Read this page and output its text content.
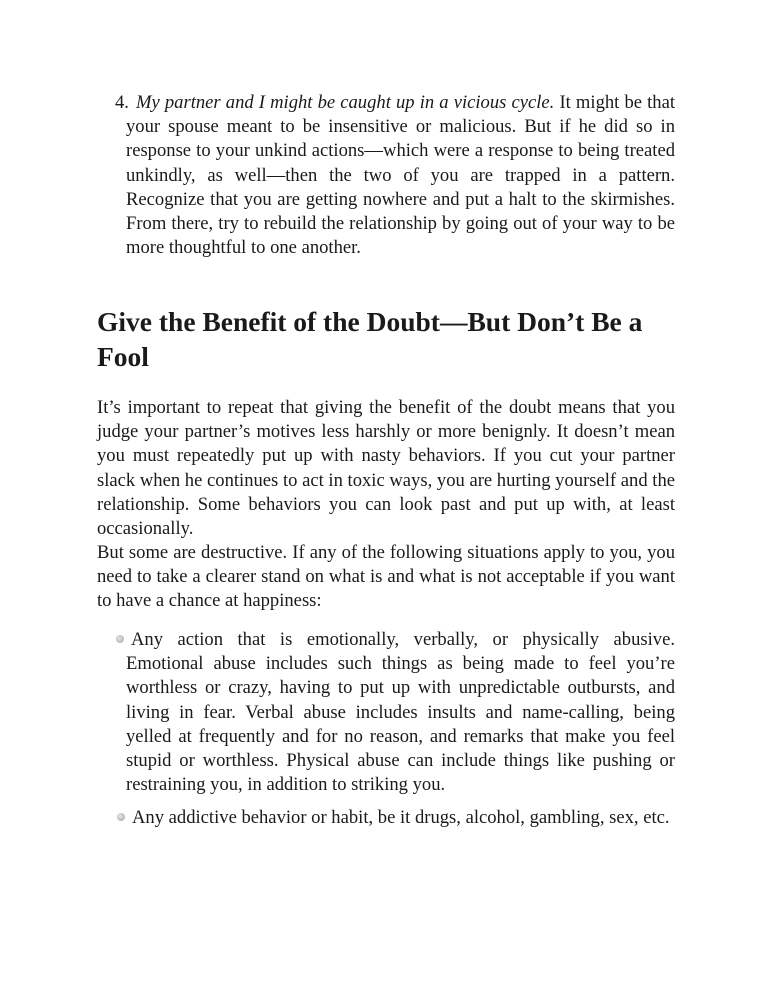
4. My partner and I might be caught up in a vicious cycle. It might be that your spouse meant to be insensitive or malicious. But if he did so in response to your unkind actions—which were a response to being treated unkindly, as well—then the two of you are trapped in a pattern. Recognize that you are getting nowhere and put a halt to the skirmishes. From there, try to rebuild the relationship by going out of your way to be more thoughtful to one another.
Give the Benefit of the Doubt—But Don’t Be a Fool

It’s important to repeat that giving the benefit of the doubt means that you judge your partner’s motives less harshly or more benignly. It doesn’t mean you must repeatedly put up with nasty behaviors. If you cut your partner slack when he continues to act in toxic ways, you are hurting yourself and the relationship. Some behaviors you can look past and put up with, at least occasionally.

But some are destructive. If any of the following situations apply to you, you need to take a clearer stand on what is and what is not acceptable if you want to have a chance at happiness:

Any action that is emotionally, verbally, or physically abusive. Emotional abuse includes such things as being made to feel you’re worthless or crazy, having to put up with unpredictable outbursts, and living in fear. Verbal abuse includes insults and name-calling, being yelled at frequently and for no reason, and remarks that make you feel stupid or worthless. Physical abuse can include things like pushing or restraining you, in addition to striking you.
Any addictive behavior or habit, be it drugs, alcohol, gambling, sex, etc.
